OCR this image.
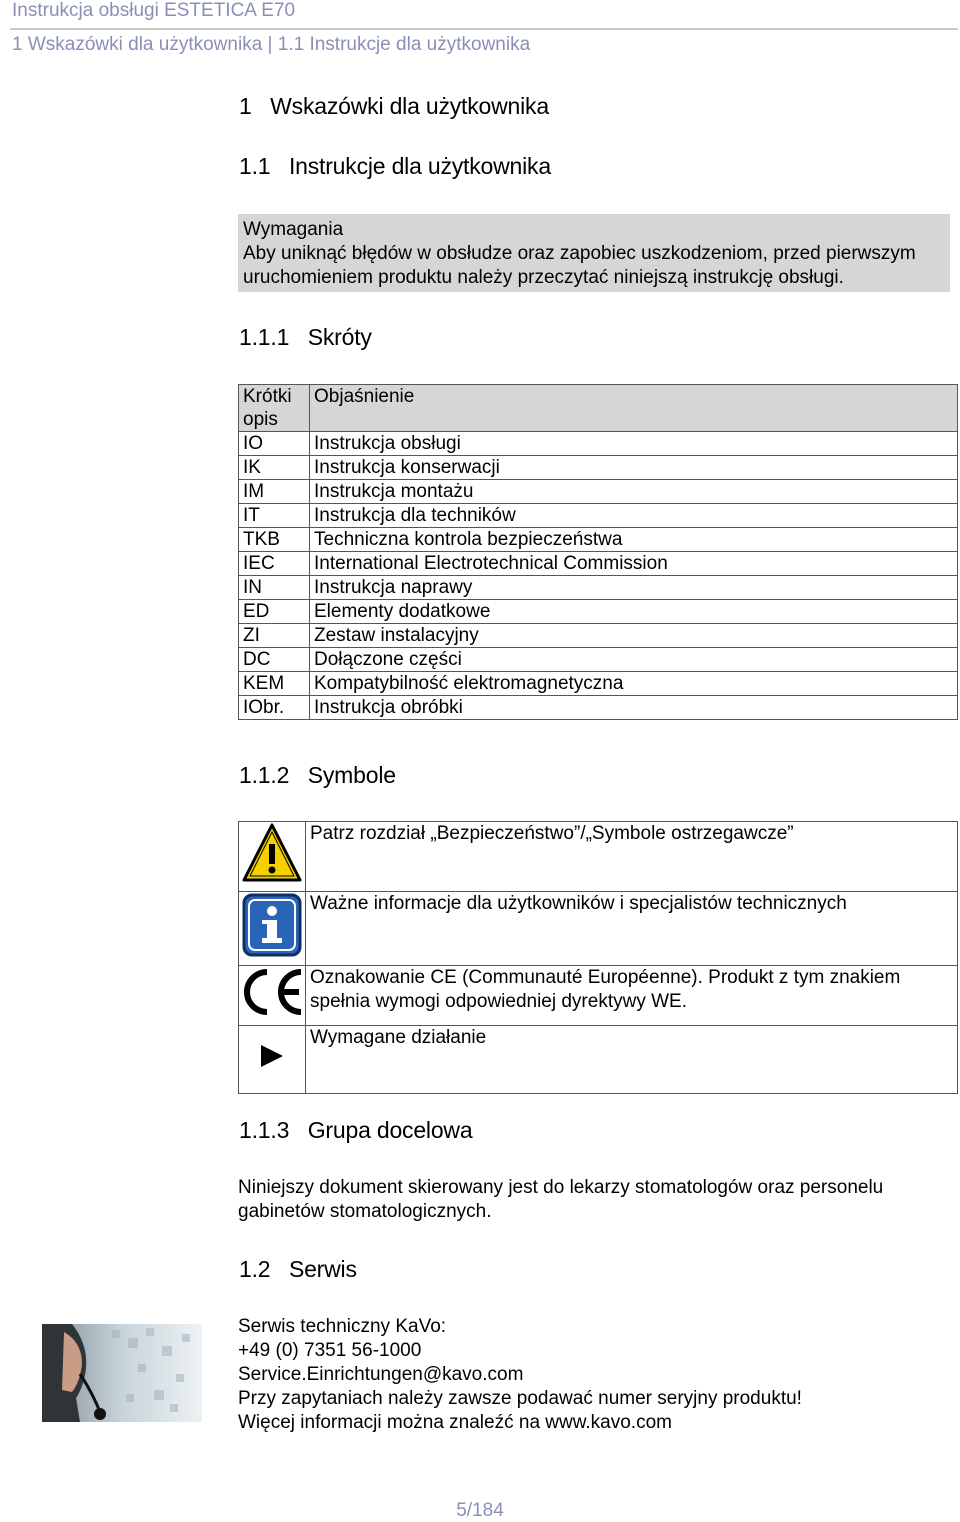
Instrukcja obsługi ESTETICA E70
1 Wskazówki dla użytkownika | 1.1 Instrukcje dla użytkownika
1 Wskazówki dla użytkownika
1.1 Instrukcje dla użytkownika
Wymagania
Aby uniknąć błędów w obsłudze oraz zapobiec uszkodzeniom, przed pierwszym uruchomieniem produktu należy przeczytać niniejszą instrukcję obsługi.
1.1.1 Skróty
Krótki opis	Objaśnienie
IO	Instrukcja obsługi
IK	Instrukcja konserwacji
IM	Instrukcja montażu
IT	Instrukcja dla techników
TKB	Techniczna kontrola bezpieczeństwa
IEC	International Electrotechnical Commission
IN	Instrukcja naprawy
ED	Elementy dodatkowe
ZI	Zestaw instalacyjny
DC	Dołączone części
KEM	Kompatybilność elektromagnetyczna
IObr.	Instrukcja obróbki
1.1.2 Symbole
	Patrz rozdział „Bezpieczeństwo”/„Symbole ostrzegawcze”
	Ważne informacje dla użytkowników i specjalistów technicznych
	Oznakowanie CE (Communauté Européenne). Produkt z tym znakiem spełnia wymogi odpowiedniej dyrektywy WE.
	Wymagane działanie
1.1.3 Grupa docelowa
Niniejszy dokument skierowany jest do lekarzy stomatologów oraz personelu gabinetów stomatologicznych.
1.2 Serwis
Serwis techniczny KaVo:
+49 (0) 7351 56-1000
Service.Einrichtungen@kavo.com
Przy zapytaniach należy zawsze podawać numer seryjny produktu!
Więcej informacji można znaleźć na www.kavo.com
5/184
